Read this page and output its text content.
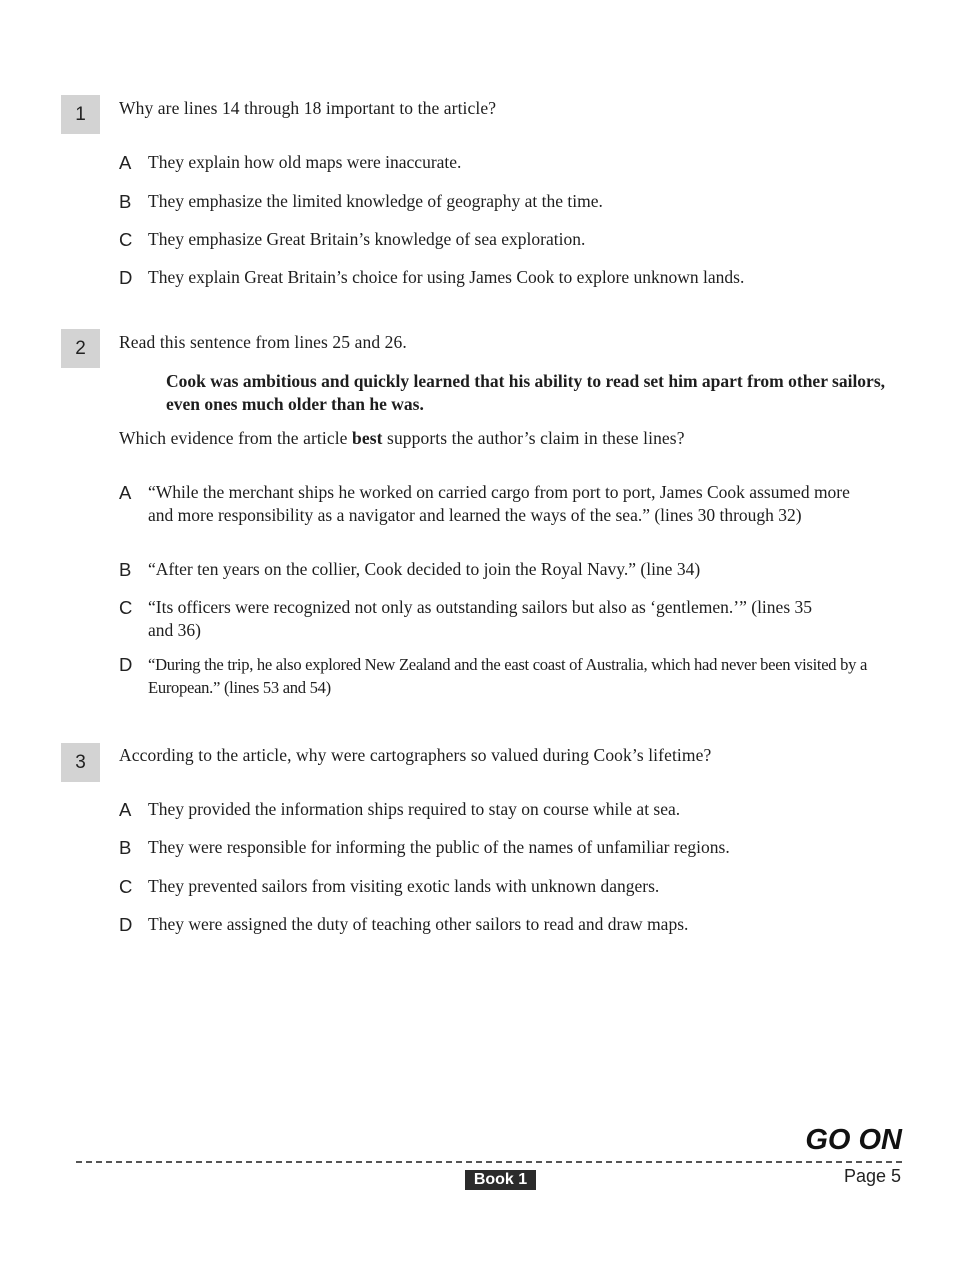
1	Why are lines 14 through 18 important to the article?
A They explain how old maps were inaccurate.
B They emphasize the limited knowledge of geography at the time.
C They emphasize Great Britain’s knowledge of sea exploration.
D They explain Great Britain’s choice for using James Cook to explore unknown lands.
2	Read this sentence from lines 25 and 26.
Cook was ambitious and quickly learned that his ability to read set him apart from other sailors, even ones much older than he was.
Which evidence from the article best supports the author’s claim in these lines?
A “While the merchant ships he worked on carried cargo from port to port, James Cook assumed more and more responsibility as a navigator and learned the ways of the sea.” (lines 30 through 32)
B “After ten years on the collier, Cook decided to join the Royal Navy.” (line 34)
C “Its officers were recognized not only as outstanding sailors but also as ‘gentlemen.’” (lines 35 and 36)
D “During the trip, he also explored New Zealand and the east coast of Australia, which had never been visited by a European.” (lines 53 and 54)
3	According to the article, why were cartographers so valued during Cook’s lifetime?
A They provided the information ships required to stay on course while at sea.
B They were responsible for informing the public of the names of unfamiliar regions.
C They prevented sailors from visiting exotic lands with unknown dangers.
D They were assigned the duty of teaching other sailors to read and draw maps.
GO ON
Book 1	Page 5
